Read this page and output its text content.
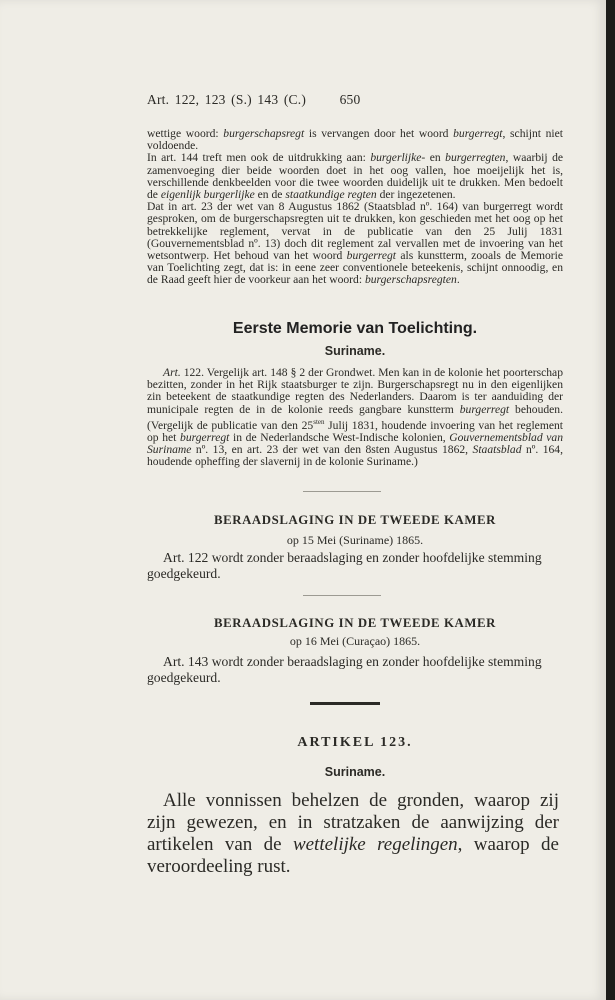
Art. 122, 123 (S.) 143 (C.) 650

wettige woord: burgerschapsregt is vervangen door het woord burgerregt, schijnt niet voldoende.

In art. 144 treft men ook de uitdrukking aan: burgerlijke- en burgerregten, waarbij de zamenvoeging dier beide woorden doet in het oog vallen, hoe moeijelijk het is, verschillende denkbeelden voor die twee woorden duidelijk uit te drukken. Men bedoelt de eigenlijk burgerlijke en de staatkundige regten der ingezetenen.

Dat in art. 23 der wet van 8 Augustus 1862 (Staatsblad nº. 164) van burgerregt wordt gesproken, om de burgerschapsregten uit te drukken, kon geschieden met het oog op het betrekkelijke reglement, vervat in de publicatie van den 25 Julij 1831 (Gouvernementsblad nº. 13) doch dit reglement zal vervallen met de invoering van het wetsontwerp. Het behoud van het woord burgerregt als kunstterm, zooals de Memorie van Toelichting zegt, dat is: in eene zeer conventionele beteekenis, schijnt onnoodig, en de Raad geeft hier de voorkeur aan het woord: burgerschapsregten.

Eerste Memorie van Toelichting.
Suriname.

Art. 122. Vergelijk art. 148 § 2 der Grondwet. Men kan in de kolonie het poorterschap bezitten, zonder in het Rijk staatsburger te zijn. Burgerschapsregt nu in den eigenlijken zin beteekent de staatkundige regten des Nederlanders. Daarom is ter aanduiding der municipale regten de in de kolonie reeds gangbare kunstterm burgerregt behouden. (Vergelijk de publicatie van den $25^{sten}$ Julij 1831, houdende invoering van het reglement op het burgerregt in de Nederlandsche West-Indische kolonien, Gouvernementsblad van Suriname nº. 13, en art. 23 der wet van den 8sten Augustus 1862, Staatsblad nº. 164, houdende opheffing der slavernij in de kolonie Suriname.)

BERAADSLAGING IN DE TWEEDE KAMER
op 15 Mei (Suriname) 1865.
Art. 122 wordt zonder beraadslaging en zonder hoofdelijke stemming goedgekeurd.
BERAADSLAGING IN DE TWEEDE KAMER
op 16 Mei (Curaçao) 1865.
Art. 143 wordt zonder beraadslaging en zonder hoofdelijke stemming goedgekeurd.
ARTIKEL 123.
Suriname.
Alle vonnissen behelzen de gronden, waarop zij zijn gewezen, en in stratzaken de aanwijzing der artikelen van de wettelijke regelingen, waarop de veroordeeling rust.
